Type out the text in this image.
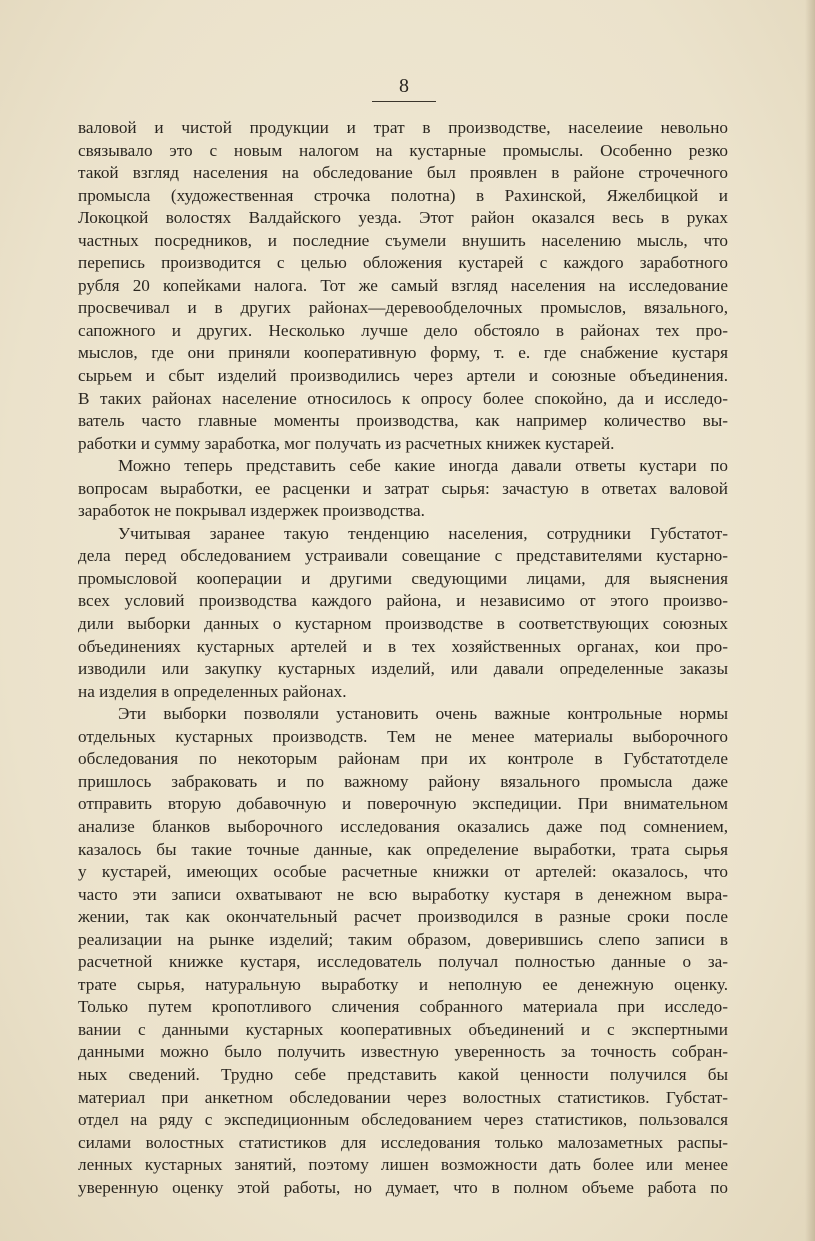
8
валовой и чистой продукции и трат в производстве, населеиие невольно
связывало это с новым налогом на кустарные промыслы. Особенно резко
такой взгляд населения на обследование был проявлен в районе строчечного
промысла (художественная строчка полотна) в Рахинской, Яжелбицкой и
Локоцкой волостях Валдайского уезда. Этот район оказался весь в руках
частных посредников, и последние съумели внушить населению мысль, что
перепись производится с целью обложения кустарей с каждого заработного
рубля 20 копейками налога. Тот же самый взгляд населения на исследование
просвечивал и в других районах—деревообделочных промыслов, вязального,
сапожного и других. Несколько лучше дело обстояло в районах тех про-
мыслов, где они приняли кооперативную форму, т. е. где снабжение кустаря
сырьем и сбыт изделий производились через артели и союзные объединения.
В таких районах население относилось к опросу более спокойно, да и исследо-
ватель часто главные моменты производства, как например количество вы-
работки и сумму заработка, мог получать из расчетных книжек кустарей.
Можно теперь представить себе какие иногда давали ответы кустари по
вопросам выработки, ее расценки и затрат сырья: зачастую в ответах валовой
заработок не покрывал издержек производства.
Учитывая заранее такую тенденцию населения, сотрудники Губстатот-
дела перед обследованием устраивали совещание с представителями кустарно-
промысловой кооперации и другими сведующими лицами, для выяснения
всех условий производства каждого района, и независимо от этого произво-
дили выборки данных о кустарном производстве в соответствующих союзных
объединениях кустарных артелей и в тех хозяйственных органах, кои про-
изводили или закупку кустарных изделий, или давали определенные заказы
на изделия в определенных районах.
Эти выборки позволяли установить очень важные контрольные нормы
отдельных кустарных производств. Тем не менее материалы выборочного
обследования по некоторым районам при их контроле в Губстатотделе
пришлось забраковать и по важному району вязального промысла даже
отправить вторую добавочную и поверочную экспедиции. При внимательном
анализе бланков выборочного исследования оказались даже под сомнением,
казалось бы такие точные данные, как определение выработки, трата сырья
у кустарей, имеющих особые расчетные книжки от артелей: оказалось, что
часто эти записи охватывают не всю выработку кустаря в денежном выра-
жении, так как окончательный расчет производился в разные сроки после
реализации на рынке изделий; таким образом, доверившись слепо записи в
расчетной книжке кустаря, исследователь получал полностью данные о за-
трате сырья, натуральную выработку и неполную ее денежную оценку.
Только путем кропотливого сличения собранного материала при исследо-
вании с данными кустарных кооперативных объединений и с экспертными
данными можно было получить известную уверенность за точность собран-
ных сведений. Трудно себе представить какой ценности получился бы
материал при анкетном обследовании через волостных статистиков. Губстат-
отдел на ряду с экспедиционным обследованием через статистиков, пользовался
силами волостных статистиков для исследования только малозаметных распы-
ленных кустарных занятий, поэтому лишен возможности дать более или менее
уверенную оценку этой работы, но думает, что в полном объеме работа по
